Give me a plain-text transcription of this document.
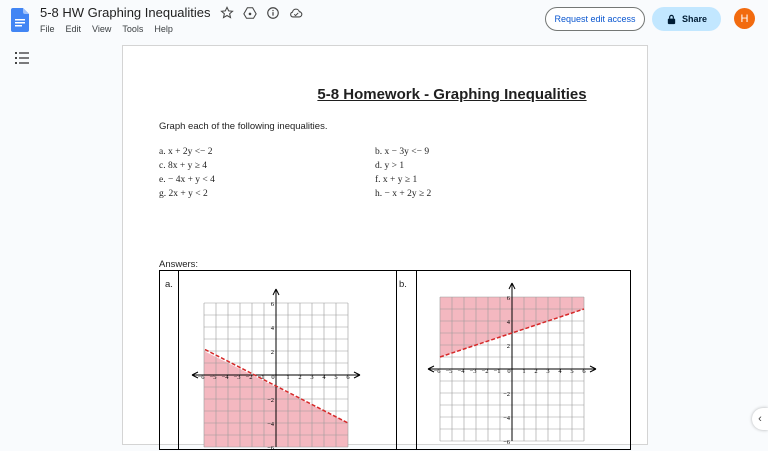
5-8 HW Graphing Inequalities
File Edit View Tools Help
Request edit access	Share	H
5-8 Homework - Graphing Inequalities
Graph each of the following inequalities.
a. x + 2y <− 2	b. x − 3y <− 9
c. 8x + y ≥ 4	d. y > 1
e. − 4x + y < 4	f. x + y ≥ 1
g. 2x + y < 2	h. − x + 2y ≥ 2
Answers:
a.	b.
−6 −5 −4 −3 −2 −1 0 1 2 3 4 5 6
6
4
2
−2
−4
−6
−6 −5 −4 −3 −2 −1 0 1 2 3 4 5 6
6
4
2
−2
−4
−6
‹
